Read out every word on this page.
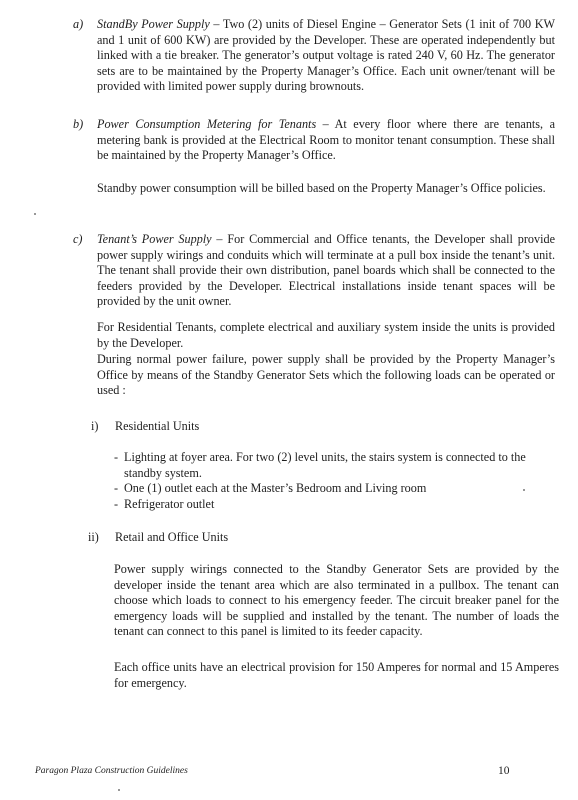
a) StandBy Power Supply – Two (2) units of Diesel Engine – Generator Sets (1 init of 700 KW and 1 unit of 600 KW) are provided by the Developer. These are operated independently but linked with a tie breaker. The generator’s output voltage is rated 240 V, 60 Hz. The generator sets are to be maintained by the Property Manager’s Office. Each unit owner/tenant will be provided with limited power supply during brownouts.
b) Power Consumption Metering for Tenants – At every floor where there are tenants, a metering bank is provided at the Electrical Room to monitor tenant consumption. These shall be maintained by the Property Manager’s Office.
Standby power consumption will be billed based on the Property Manager’s Office policies.
c) Tenant’s Power Supply – For Commercial and Office tenants, the Developer shall provide power supply wirings and conduits which will terminate at a pull box inside the tenant’s unit. The tenant shall provide their own distribution, panel boards which shall be connected to the feeders provided by the Developer. Electrical installations inside tenant spaces will be provided by the unit owner.
For Residential Tenants, complete electrical and auxiliary system inside the units is provided by the Developer.
During normal power failure, power supply shall be provided by the Property Manager’s Office by means of the Standby Generator Sets which the following loads can be operated or used :
i) Residential Units
- Lighting at foyer area. For two (2) level units, the stairs system is connected to the standby system.
- One (1) outlet each at the Master’s Bedroom and Living room
- Refrigerator outlet
ii) Retail and Office Units
Power supply wirings connected to the Standby Generator Sets are provided by the developer inside the tenant area which are also terminated in a pullbox. The tenant can choose which loads to connect to his emergency feeder. The circuit breaker panel for the emergency loads will be supplied and installed by the tenant. The number of loads the tenant can connect to this panel is limited to its feeder capacity.
Each office units have an electrical provision for 150 Amperes for normal and 15 Amperes for emergency.
Paragon Plaza Construction Guidelines	10
